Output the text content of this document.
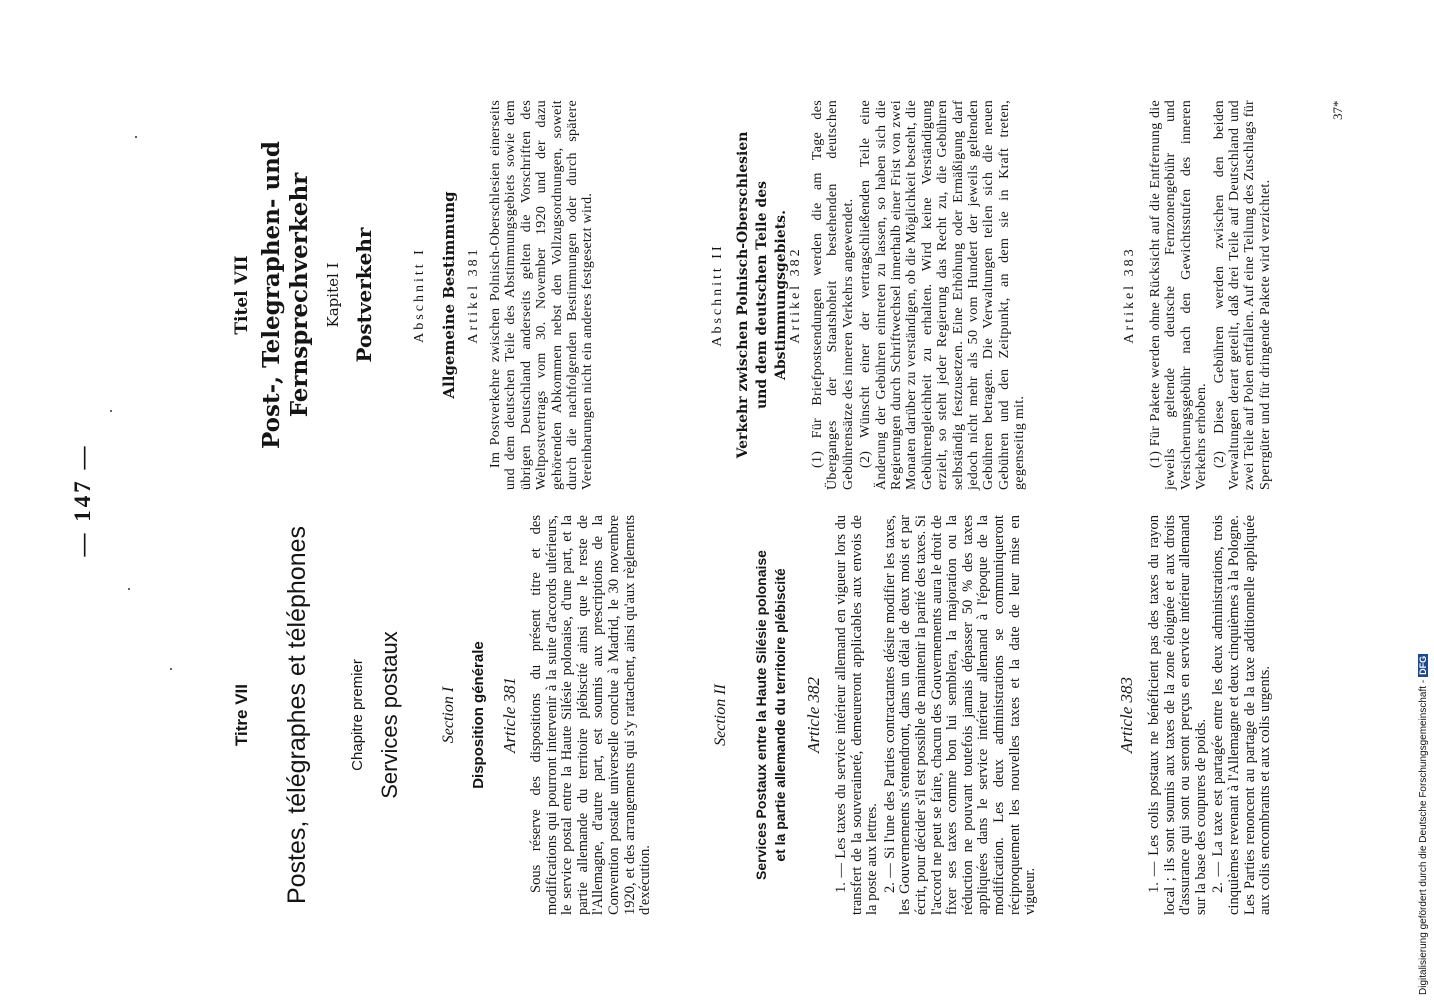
— 147 —
Titre VII Postes, télégraphes et téléphones	Chapitre premier Services postaux Section I Disposition générale Article 381 Sous réserve des dispositions du présent titre et des modifications qui pourront intervenir à la suite d'accords ultérieurs, le service postal entre la Haute Silésie polonaise, d'une part, et la partie allemande du territoire plébiscité ainsi que le reste de l'Allemagne, d'autre part, est soumis aux prescriptions de la Convention postale universelle conclue à Madrid, le 30 novembre 1920, et des arrangements qui s'y rattachent, ainsi qu'aux règlements d'exécution.

Section II Services Postaux entre la Haute Silésie polonaise et la partie allemande du territoire plébiscité Article 382 1. — Les taxes du service intérieur allemand en vigueur lors du transfert de la souveraineté, demeureront applicables aux envois de la poste aux lettres. 2. — Si l'une des Parties contractantes désire modifier les taxes, les Gouvernements s'entendront, dans un délai de deux mois et par écrit, pour décider s'il est possible de maintenir la parité des taxes. Si l'accord ne peut se faire, chacun des Gouvernements aura le droit de fixer ses taxes comme bon lui semblera, la majoration ou la réduction ne pouvant toutefois jamais dépasser 50 % des taxes appliquées dans le service intérieur allemand à l'époque de la modification. Les deux administrations se communiqueront réciproquement les nouvelles taxes et la date de leur mise en vigueur.

Article 383 1. — Les colis postaux ne bénéficient pas des taxes du rayon local ; ils sont soumis aux taxes de la zone éloignée et aux droits d'assurance qui sont ou seront perçus en service intérieur allemand sur la base des coupures de poids. 2. — La taxe est partagée entre les deux administrations, trois cinquièmes revenant à l'Allemagne et deux cinquièmes à la Pologne. Les Parties renoncent au partage de la taxe additionnelle appliquée aux colis encombrants et aux colis urgents.

Titel VII Post-, Telegraphen- und Fernsprechverkehr Kapitel I Postverkehr	Abschnitt I Allgemeine Bestimmung Artikel 381 Im Postverkehre zwischen Polnisch-Oberschlesien einerseits und dem deutschen Teile des Abstimmungsgebiets sowie dem übrigen Deutschland anderseits gelten die Vorschriften des Weltpostvertrags vom 30. November 1920 und der dazu gehörenden Abkommen nebst den Vollzugsordnungen, soweit durch die nachfolgenden Bestimmungen oder durch spätere Vereinbarungen nicht ein anderes festgesetzt wird.	Abschnitt II Verkehr zwischen Polnisch-Oberschlesien und dem deutschen Teile des Abstimmungsgebiets. Artikel 382 (1) Für Briefpostsendungen werden die am Tage des Überganges der Staatshoheit bestehenden deutschen Gebührensätze des inneren Verkehrs angewendet. (2) Wünscht einer der vertragschließenden Teile eine Änderung der Gebühren eintreten zu lassen, so haben sich die Regierungen durch Schriftwechsel innerhalb einer Frist von zwei Monaten darüber zu verständigen, ob die Möglichkeit besteht, die Gebührengleichheit zu erhalten. Wird keine Verständigung erzielt, so steht jeder Regierung das Recht zu, die Gebühren selbständig festzusetzen. Eine Erhöhung oder Ermäßigung darf jedoch nicht mehr als 50 vom Hundert der jeweils geltenden Gebühren betragen. Die Verwaltungen teilen sich die neuen Gebühren und den Zeitpunkt, an dem sie in Kraft treten, gegenseitig mit.

Artikel 383 (1) Für Pakete werden ohne Rücksicht auf die Entfernung die jeweils geltende deutsche Fernzonengebühr und Versicherungsgebühr nach den Gewichtsstufen des inneren Verkehrs erhoben. (2) Diese Gebühren werden zwischen den beiden Verwaltungen derart geteilt, daß drei Teile auf Deutschland und zwei Teile auf Polen entfallen. Auf eine Teilung des Zuschlags für Sperrgüter und für dringende Pakete wird verzichtet.

37*
Digitalisierung gefördert durch die Deutsche Forschungsgemeinschaft -DFG
